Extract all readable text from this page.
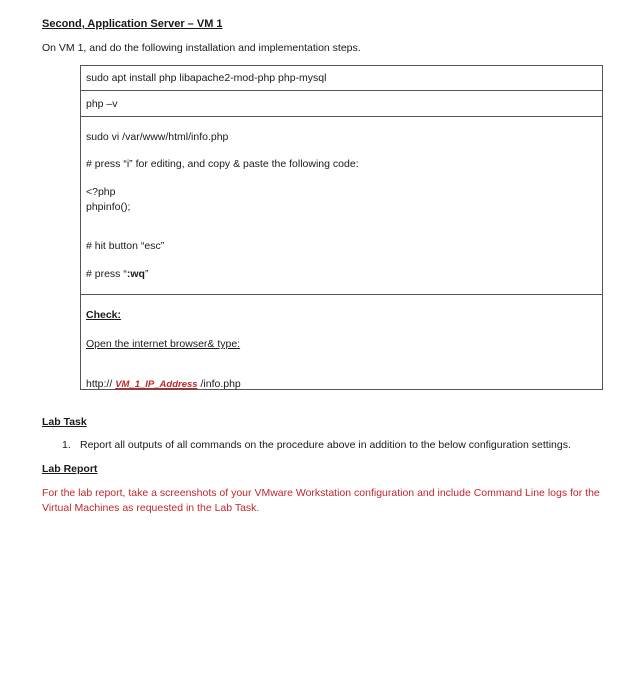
Second, Application Server – VM 1
On VM 1, and do the following installation and implementation steps.
sudo apt install php libapache2-mod-php php-mysql
php –v
sudo vi /var/www/html/info.php
# press “i” for editing, and copy & paste the following code:
<?php
phpinfo();
# hit button “esc”
# press “:wq”
Check:
Open the internet browser& type:
http:// VM_1_IP_Address /info.php
Lab Task
1. Report all outputs of all commands on the procedure above in addition to the below configuration settings.
Lab Report
For the lab report, take a screenshots of your VMware Workstation configuration and include Command Line logs for the Virtual Machines as requested in the Lab Task.
